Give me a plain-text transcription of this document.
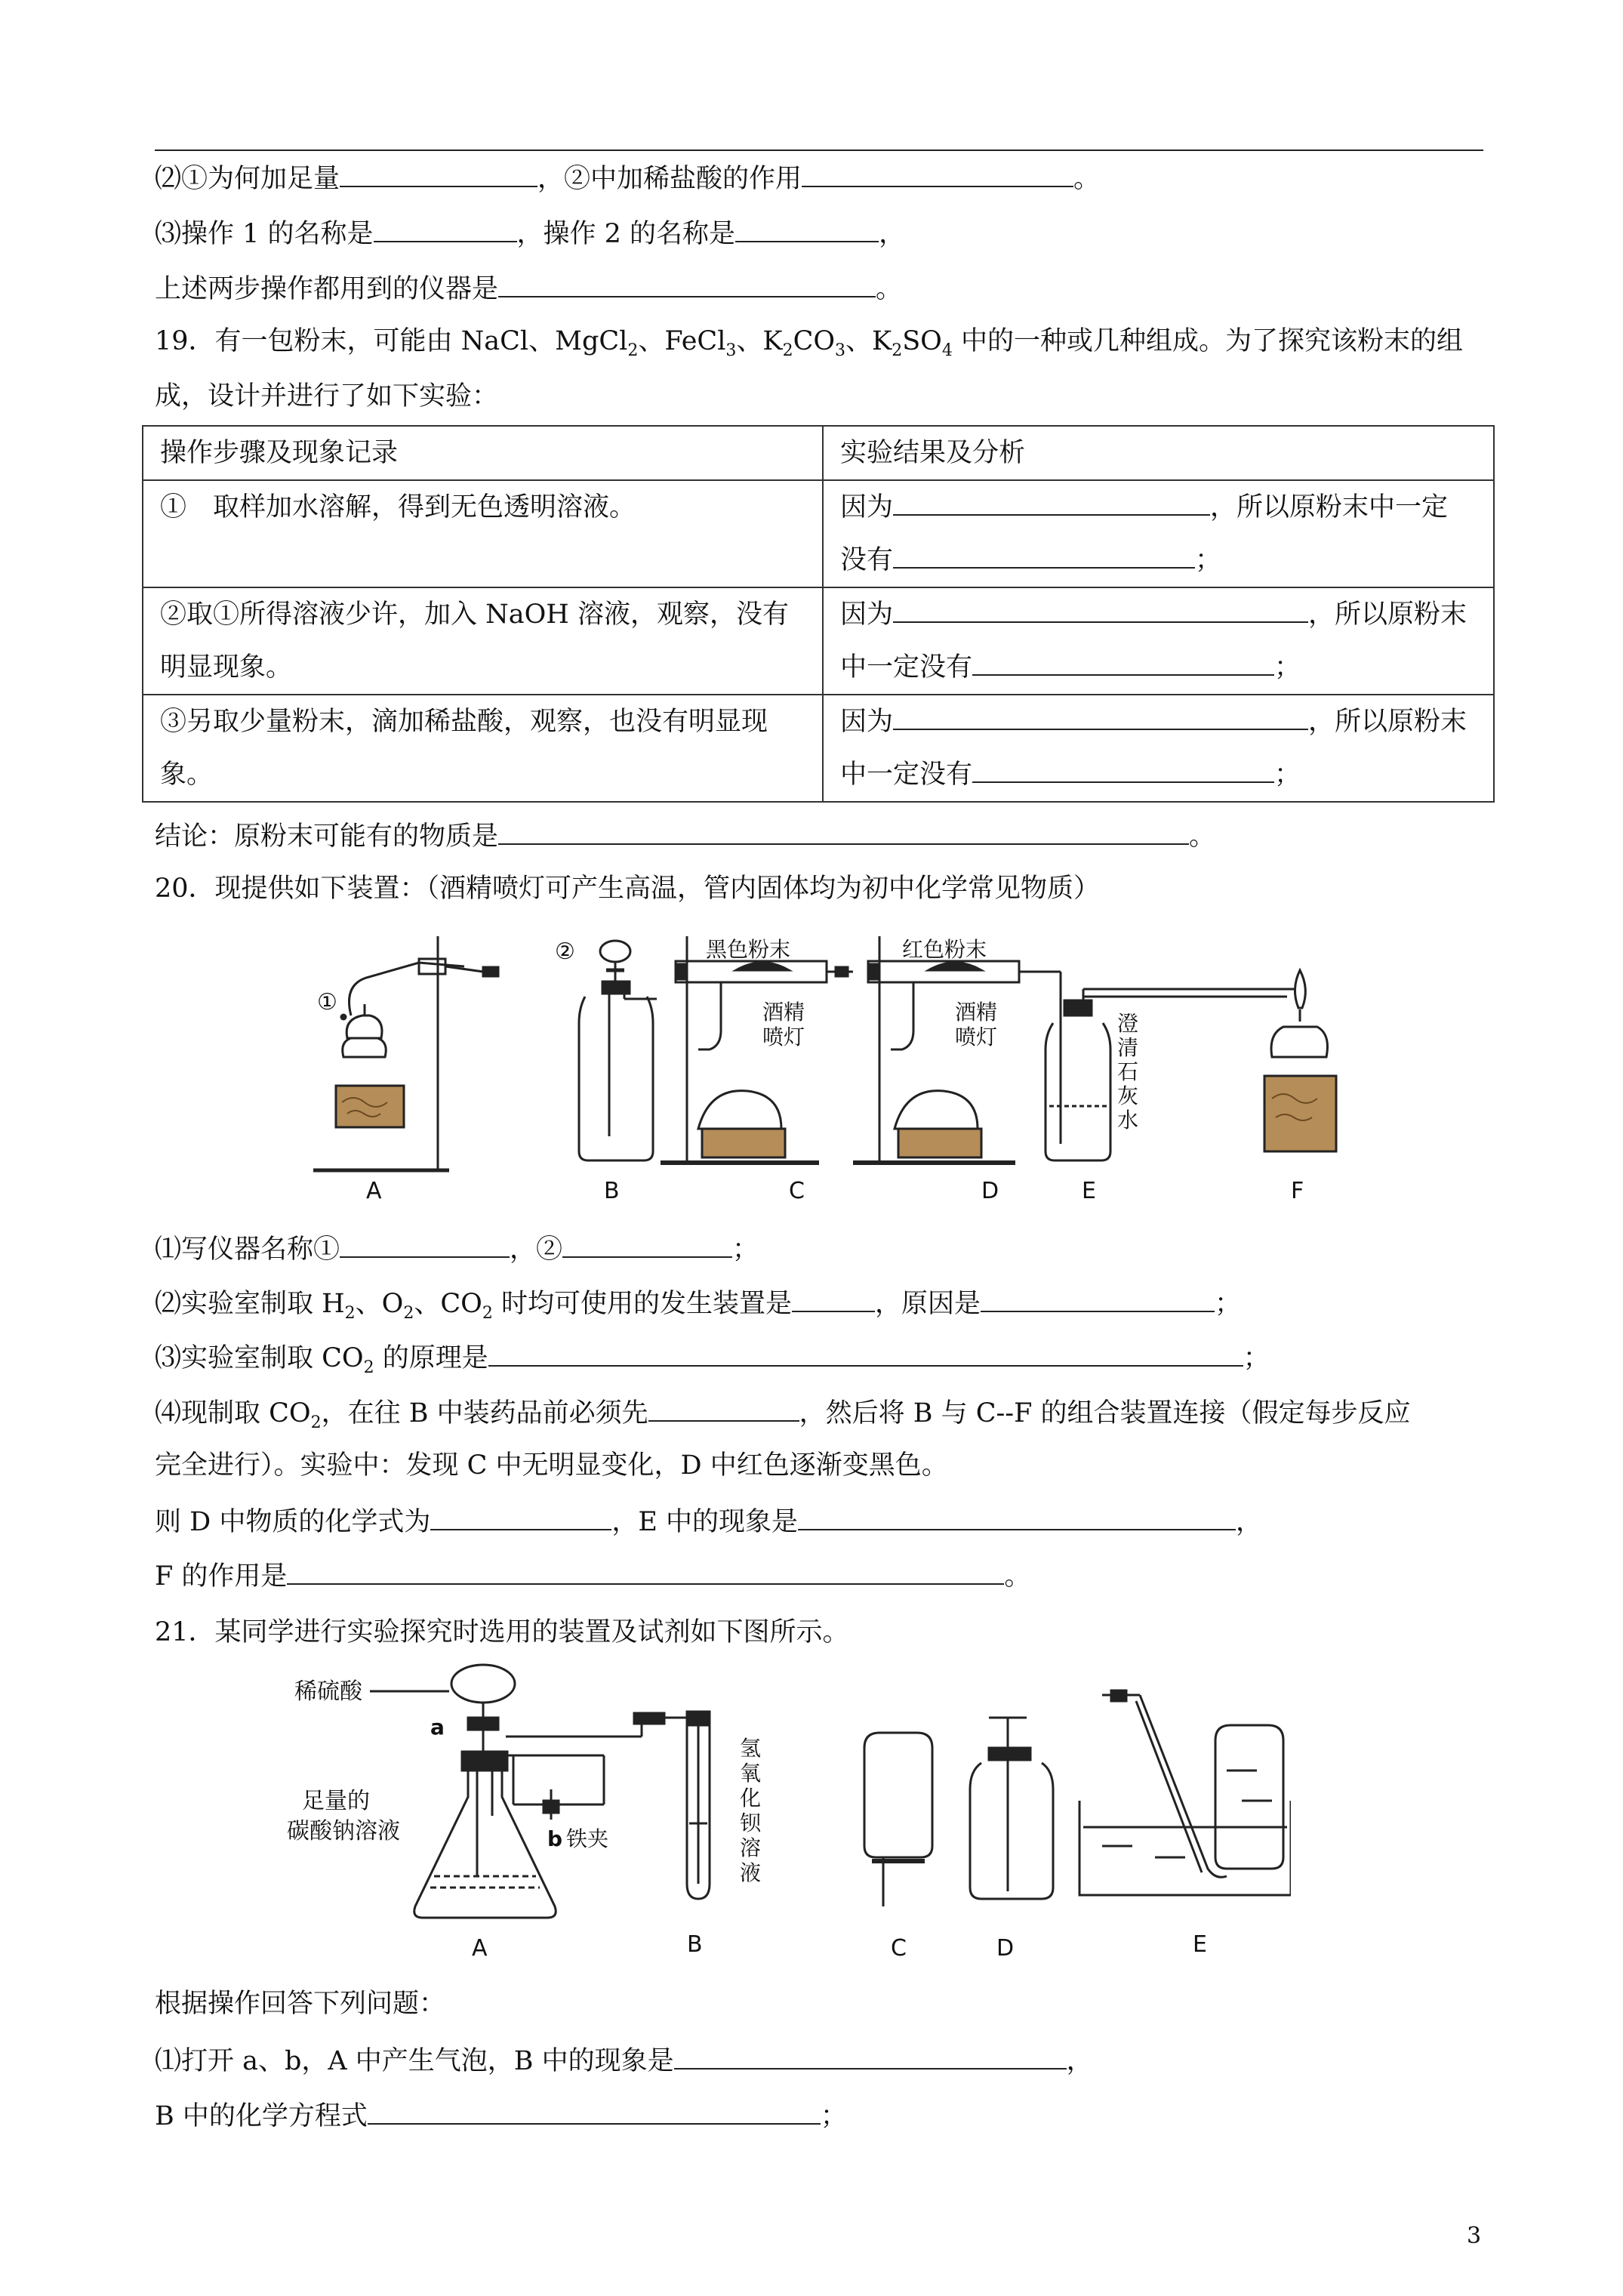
⑵①为何加足量	，②中加稀盐酸的作用	。
⑶操作 1 的名称是	，操作 2 的名称是	，
上述两步操作都用到的仪器是	。
19．有一包粉末，可能由 NaCl、MgCl$_2$、FeCl$_3$、$K_2CO_3$、$K_2SO_4$ 中的一种或几种组成。为了探究该粉末的组
成，设计并进行了如下实验：
操作步骤及现象记录	实验结果及分析
①　取样加水溶解，得到无色透明溶液。	因为 ，所以原粉末中一定
没有 ；

②取①所得溶液少许，加入 NaOH 溶液，观察，没有明显现象。	因为 ，所以原粉末
中一定没有 ；

③另取少量粉末，滴加稀盐酸，观察，也没有明显现象。	因为 ，所以原粉末
中一定没有 ；
结论：原粉末可能有的物质是	。
20．现提供如下装置：（酒精喷灯可产生高温，管内固体均为初中化学常见物质）
①
A
②
B
黑色粉末
酒精
喷灯
C
红色粉末
酒精
喷灯
D
澄
清
石
灰
水
E	F
⑴写仪器名称①	，②	；
⑵实验室制取 $H_2$、$O_2$、$CO_2$ 时均可使用的发生装置是	，原因是	；
⑶实验室制取 $CO_2$ 的原理是	；
⑷现制取 $CO_2$，在往 B 中装药品前必须先	，然后将 B 与 C--F 的组合装置连接（假定每步反应
完全进行）。实验中：发现 C 中无明显变化，D 中红色逐渐变黑色。
则 D 中物质的化学式为	，E 中的现象是	，
F 的作用是	。
21．某同学进行实验探究时选用的装置及试剂如下图所示。
稀硫酸
a
足量的
碳酸钠溶液	b 铁夹
A
氢
氧
化
钡
溶
液
B	C	D	E
根据操作回答下列问题：
⑴打开 a、b，A 中产生气泡，B 中的现象是	，
B 中的化学方程式	；
3
